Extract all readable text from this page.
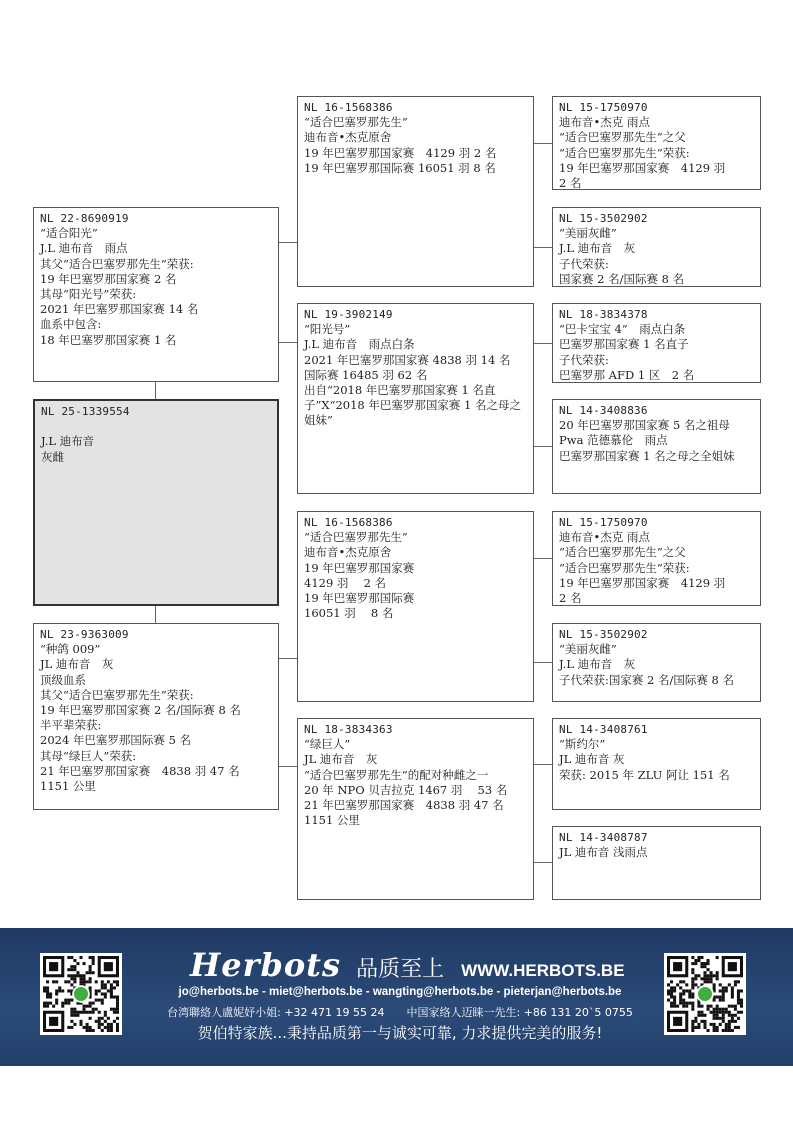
NL 22-8690919
“适合阳光”
J.L 迪布音　雨点
其父“适合巴塞罗那先生”荣获:
19 年巴塞罗那国家赛 2 名
其母“阳光号”荣获:
2021 年巴塞罗那国家赛 14 名
血系中包含:
18 年巴塞罗那国家赛 1 名
NL 25-1339554

J.L 迪布音
灰雌
NL 23-9363009
“种鸽 009”
JL 迪布音　灰
顶级血系
其父“适合巴塞罗那先生”荣获:
19 年巴塞罗那国家赛 2 名/国际赛 8 名
半平辈荣获:
2024 年巴塞罗那国际赛 5 名
其母“绿巨人”荣获:
21 年巴塞罗那国家赛　4838 羽 47 名
1151 公里
NL 16-1568386
“适合巴塞罗那先生”
迪布音•杰克原舍
19 年巴塞罗那国家赛　4129 羽 2 名
19 年巴塞罗那国际赛 16051 羽 8 名
NL 19-3902149
“阳光号”
J.L 迪布音　雨点白条
2021 年巴塞罗那国家赛 4838 羽 14 名
国际赛 16485 羽 62 名
出自“2018 年巴塞罗那国家赛 1 名直子”X“2018 年巴塞罗那国家赛 1 名之母之姐妹”
NL 16-1568386
“适合巴塞罗那先生”
迪布音•杰克原舍
19 年巴塞罗那国家赛
4129 羽　 2 名
19 年巴塞罗那国际赛
16051 羽　 8 名
NL 18-3834363
“绿巨人”
JL 迪布音　灰
“适合巴塞罗那先生”的配对种雌之一
20 年 NPO 贝吉拉克 1467 羽　 53 名
21 年巴塞罗那国家赛　4838 羽 47 名
1151 公里
NL 15-1750970
迪布音•杰克 雨点
“适合巴塞罗那先生”之父
“适合巴塞罗那先生”荣获:
19 年巴塞罗那国家赛　4129 羽
2 名
NL 15-3502902
“美丽灰雌”
J.L 迪布音　灰
子代荣获:
国家赛 2 名/国际赛 8 名
NL 18-3834378
“巴卡宝宝 4”　雨点白条
巴塞罗那国家赛 1 名直子
子代荣获:
巴塞罗那 AFD 1 区　2 名
NL 14-3408836
20 年巴塞罗那国家赛 5 名之祖母
Pwa 范德慕伦　雨点
巴塞罗那国家赛 1 名之母之全姐妹
NL 15-1750970
迪布音•杰克 雨点
“适合巴塞罗那先生”之父
“适合巴塞罗那先生”荣获:
19 年巴塞罗那国家赛　4129 羽
2 名
NL 15-3502902
“美丽灰雌”
J.L 迪布音　灰
子代荣获:国家赛 2 名/国际赛 8 名
NL 14-3408761
“斯约尔”
JL 迪布音 灰
荣获: 2015 年 ZLU 阿让 151 名
NL 14-3408787
JL 迪布音 浅雨点
Herbots 品质至上 WWW.HERBOTS.BE
jo@herbots.be - miet@herbots.be - wangting@herbots.be - pieterjan@herbots.be
台湾聯絡人盧妮妤小姐: +32 471 19 55 24　　中国家络人迈睐一先生: +86 131 20`5 0755
贺伯特家族...秉持品质第一与诚实可靠, 力求提供完美的服务!
